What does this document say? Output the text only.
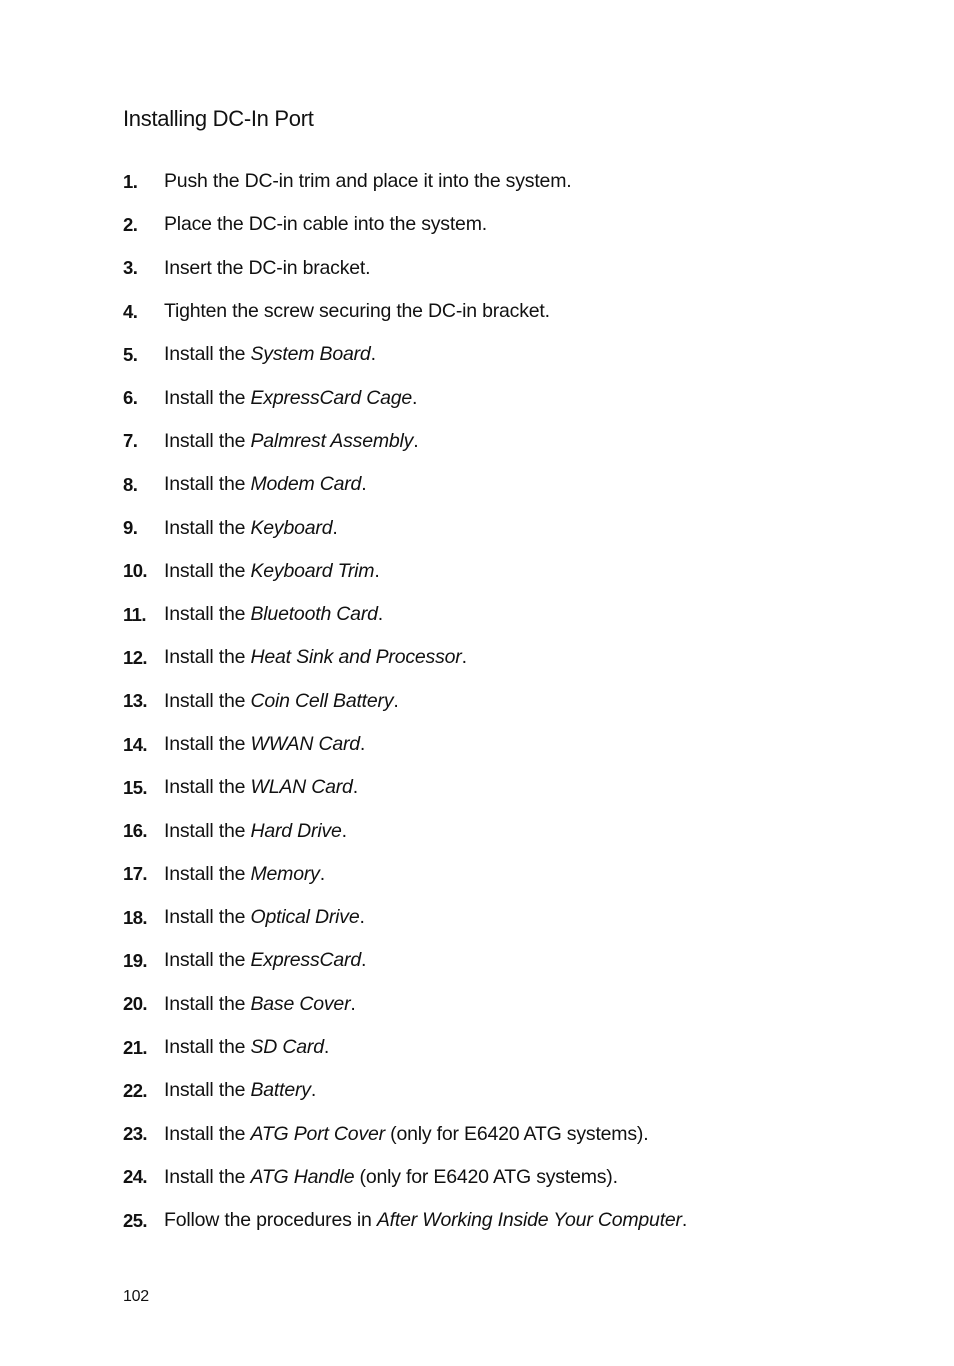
Installing DC-In Port
1.	Push the DC-in trim and place it into the system.
2.	Place the DC-in cable into the system.
3.	Insert the DC-in bracket.
4.	Tighten the screw securing the DC-in bracket.
5.	Install the System Board.
6.	Install the ExpressCard Cage.
7.	Install the Palmrest Assembly.
8.	Install the Modem Card.
9.	Install the Keyboard.
10. Install the Keyboard Trim.
11. Install the Bluetooth Card.
12. Install the Heat Sink and Processor.
13. Install the Coin Cell Battery.
14. Install the WWAN Card.
15. Install the WLAN Card.
16. Install the Hard Drive.
17. Install the Memory.
18. Install the Optical Drive.
19. Install the ExpressCard.
20. Install the Base Cover.
21. Install the SD Card.
22. Install the Battery.
23. Install the ATG Port Cover (only for E6420 ATG systems).
24. Install the ATG Handle (only for E6420 ATG systems).
25. Follow the procedures in After Working Inside Your Computer.
102
